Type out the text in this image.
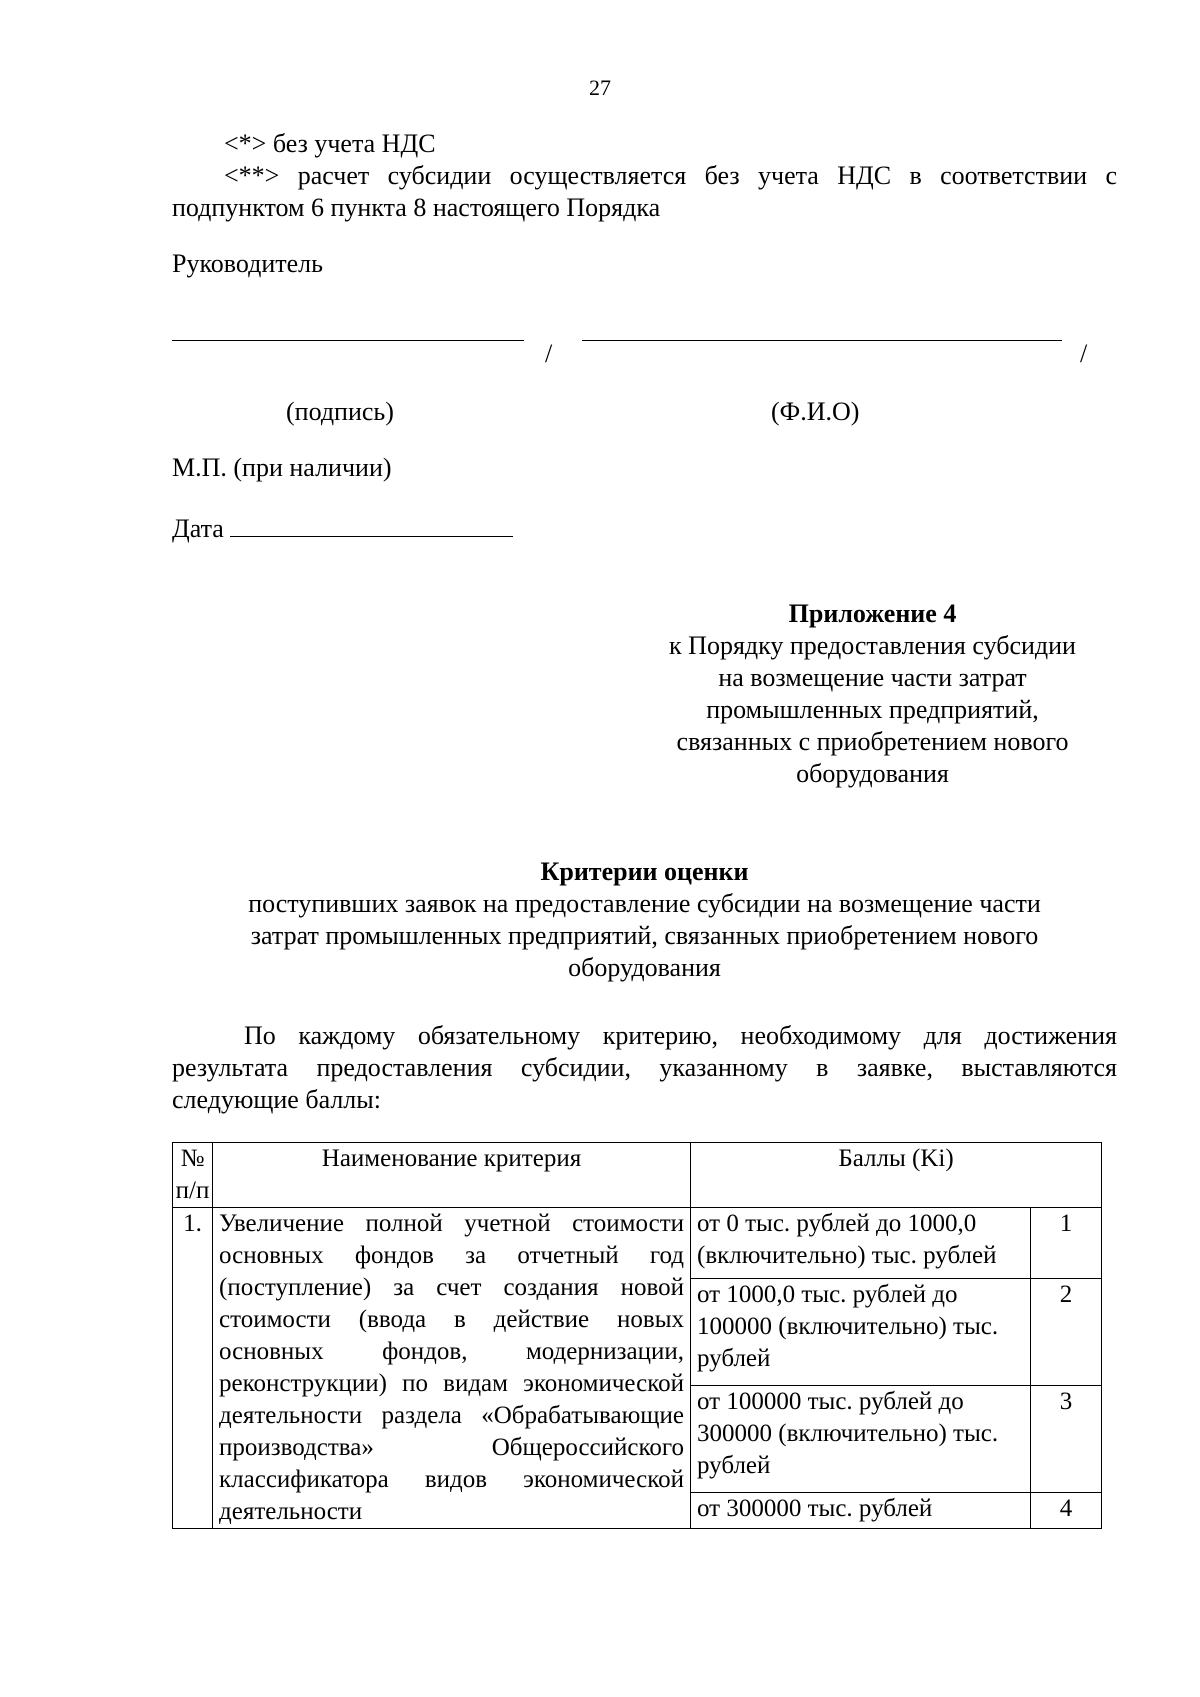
27
<*> без учета НДС
<**> расчет субсидии осуществляется без учета НДС в соответствии с подпунктом 6 пункта 8 настоящего Порядка
Руководитель
/	/
(подпись)	(Ф.И.О)
М.П. (при наличии)
Дата
Приложение 4
к Порядку предоставления субсидии
на возмещение части затрат
промышленных предприятий,
связанных с приобретением нового
оборудования
Критерии оценки
поступивших заявок на предоставление субсидии на возмещение части
затрат промышленных предприятий, связанных приобретением нового
оборудования
По каждому обязательному критерию, необходимому для достижения результата предоставления субсидии, указанному в заявке, выставляются следующие баллы:
№
п/п	Наименование критерия	Баллы (Ki)	
1.	Увеличение полной учетной стоимости основных фондов за отчетный год (поступление) за счет создания новой стоимости (ввода в действие новых основных фондов, модернизации, реконструкции) по видам экономической деятельности раздела «Обрабатывающие производства» Общероссийского классификатора видов экономической деятельности	от 0 тыс. рублей до 1000,0 (включительно) тыс. рублей	1
		от 1000,0 тыс. рублей до 100000 (включительно) тыс. рублей	2
		от 100000 тыс. рублей до 300000 (включительно) тыс. рублей	3
		от 300000 тыс. рублей	4
